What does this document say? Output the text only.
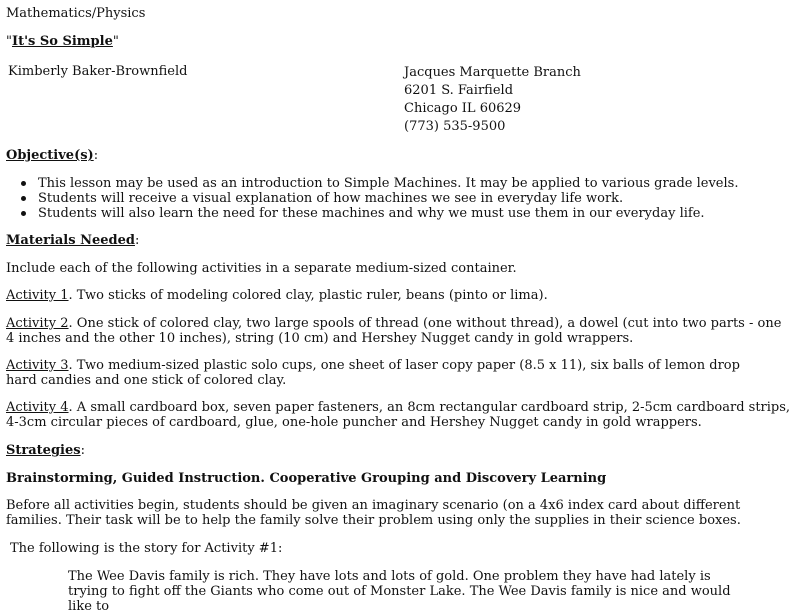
Mathematics/Physics

"It's So Simple"

Kimberly Baker-Brownfield	Jacques Marquette Branch

6201 S. Fairfield

Chicago IL 60629

(773) 535-9500

Objective(s):

This lesson may be used as an introduction to Simple Machines. It may be applied to various grade levels.
Students will receive a visual explanation of how machines we see in everyday life work.
Students will also learn the need for these machines and why we must use them in our everyday life.

Materials Needed:

Include each of the following activities in a separate medium-sized container.

Activity 1. Two sticks of modeling colored clay, plastic ruler, beans (pinto or lima).

Activity 2. One stick of colored clay, two large spools of thread (one without thread), a dowel (cut into two parts - one 4 inches and the other 10 inches), string (10 cm) and Hershey Nugget candy in gold wrappers.

Activity 3. Two medium-sized plastic solo cups, one sheet of laser copy paper (8.5 x 11), six balls of lemon drop hard candies and one stick of colored clay.

Activity 4. A small cardboard box, seven paper fasteners, an 8cm rectangular cardboard strip, 2-5cm cardboard strips, 4-3cm circular pieces of cardboard, glue, one-hole puncher and Hershey Nugget candy in gold wrappers.

Strategies:

Brainstorming, Guided Instruction. Cooperative Grouping and Discovery Learning

Before all activities begin, students should be given an imaginary scenario (on a 4x6 index card about different families. Their task will be to help the family solve their problem using only the supplies in their science boxes.

The following is the story for Activity #1:

The Wee Davis family is rich. They have lots and lots of gold. One problem they have had lately is trying to fight off the Giants who come out of Monster Lake. The Wee Davis family is nice and would like to
